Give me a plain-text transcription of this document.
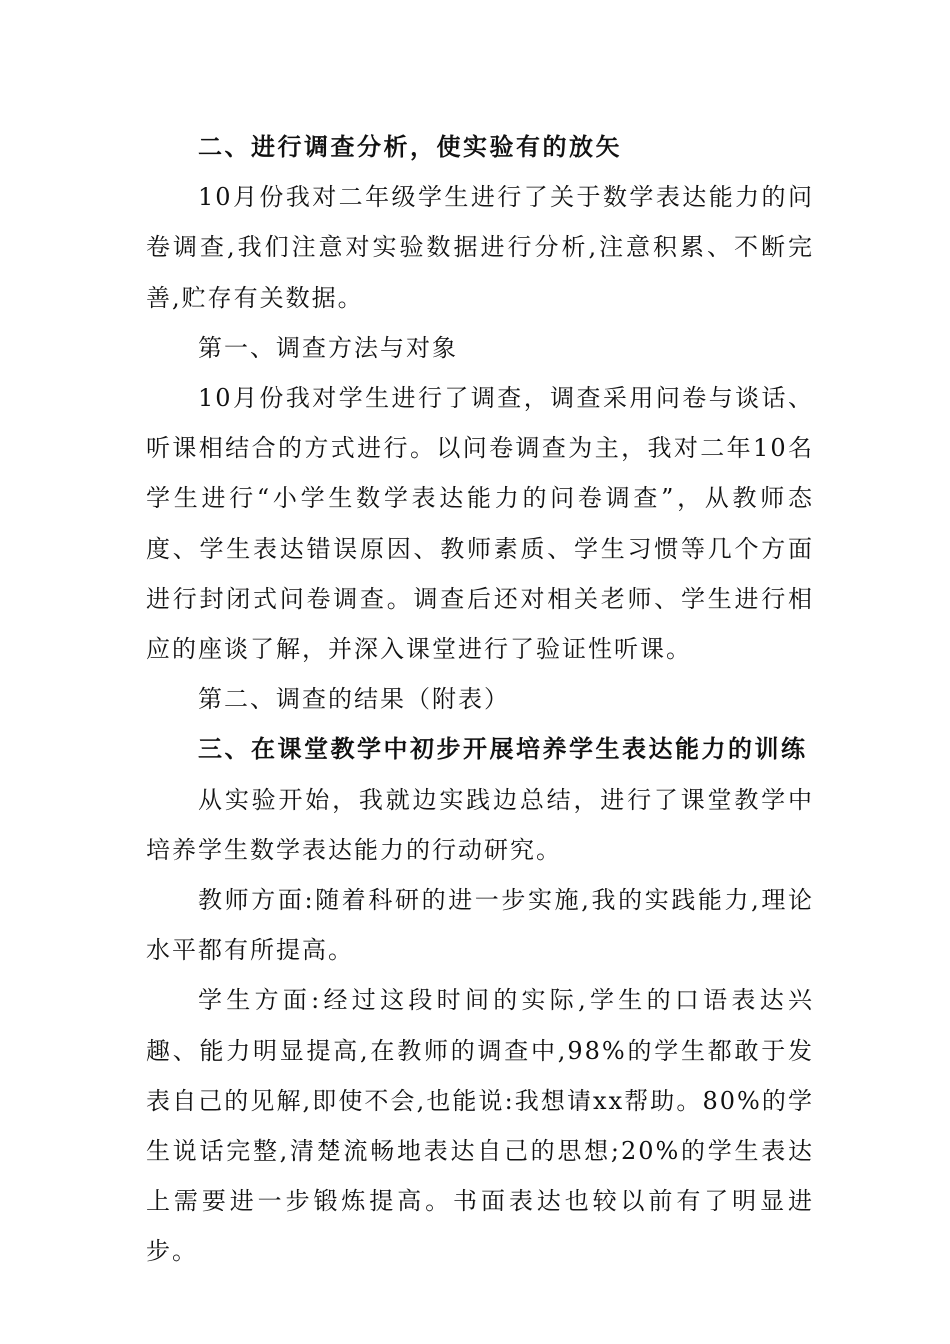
二、进行调查分析，使实验有的放矢

10月份我对二年级学生进行了关于数学表达能力的问卷调查,我们注意对实验数据进行分析,注意积累、不断完善,贮存有关数据。

第一、调查方法与对象

10月份我对学生进行了调查，调查采用问卷与谈话、听课相结合的方式进行。以问卷调查为主，我对二年10名学生进行“小学生数学表达能力的问卷调查”，从教师态度、学生表达错误原因、教师素质、学生习惯等几个方面进行封闭式问卷调查。调查后还对相关老师、学生进行相应的座谈了解，并深入课堂进行了验证性听课。

第二、调查的结果（附表）

三、在课堂教学中初步开展培养学生表达能力的训练

从实验开始，我就边实践边总结，进行了课堂教学中培养学生数学表达能力的行动研究。

教师方面:随着科研的进一步实施,我的实践能力,理论水平都有所提高。

学生方面:经过这段时间的实际,学生的口语表达兴趣、能力明显提高,在教师的调查中,98%的学生都敢于发表自己的见解,即使不会,也能说:我想请xx帮助。80%的学生说话完整,清楚流畅地表达自己的思想;20%的学生表达上需要进一步锻炼提高。书面表达也较以前有了明显进步。
